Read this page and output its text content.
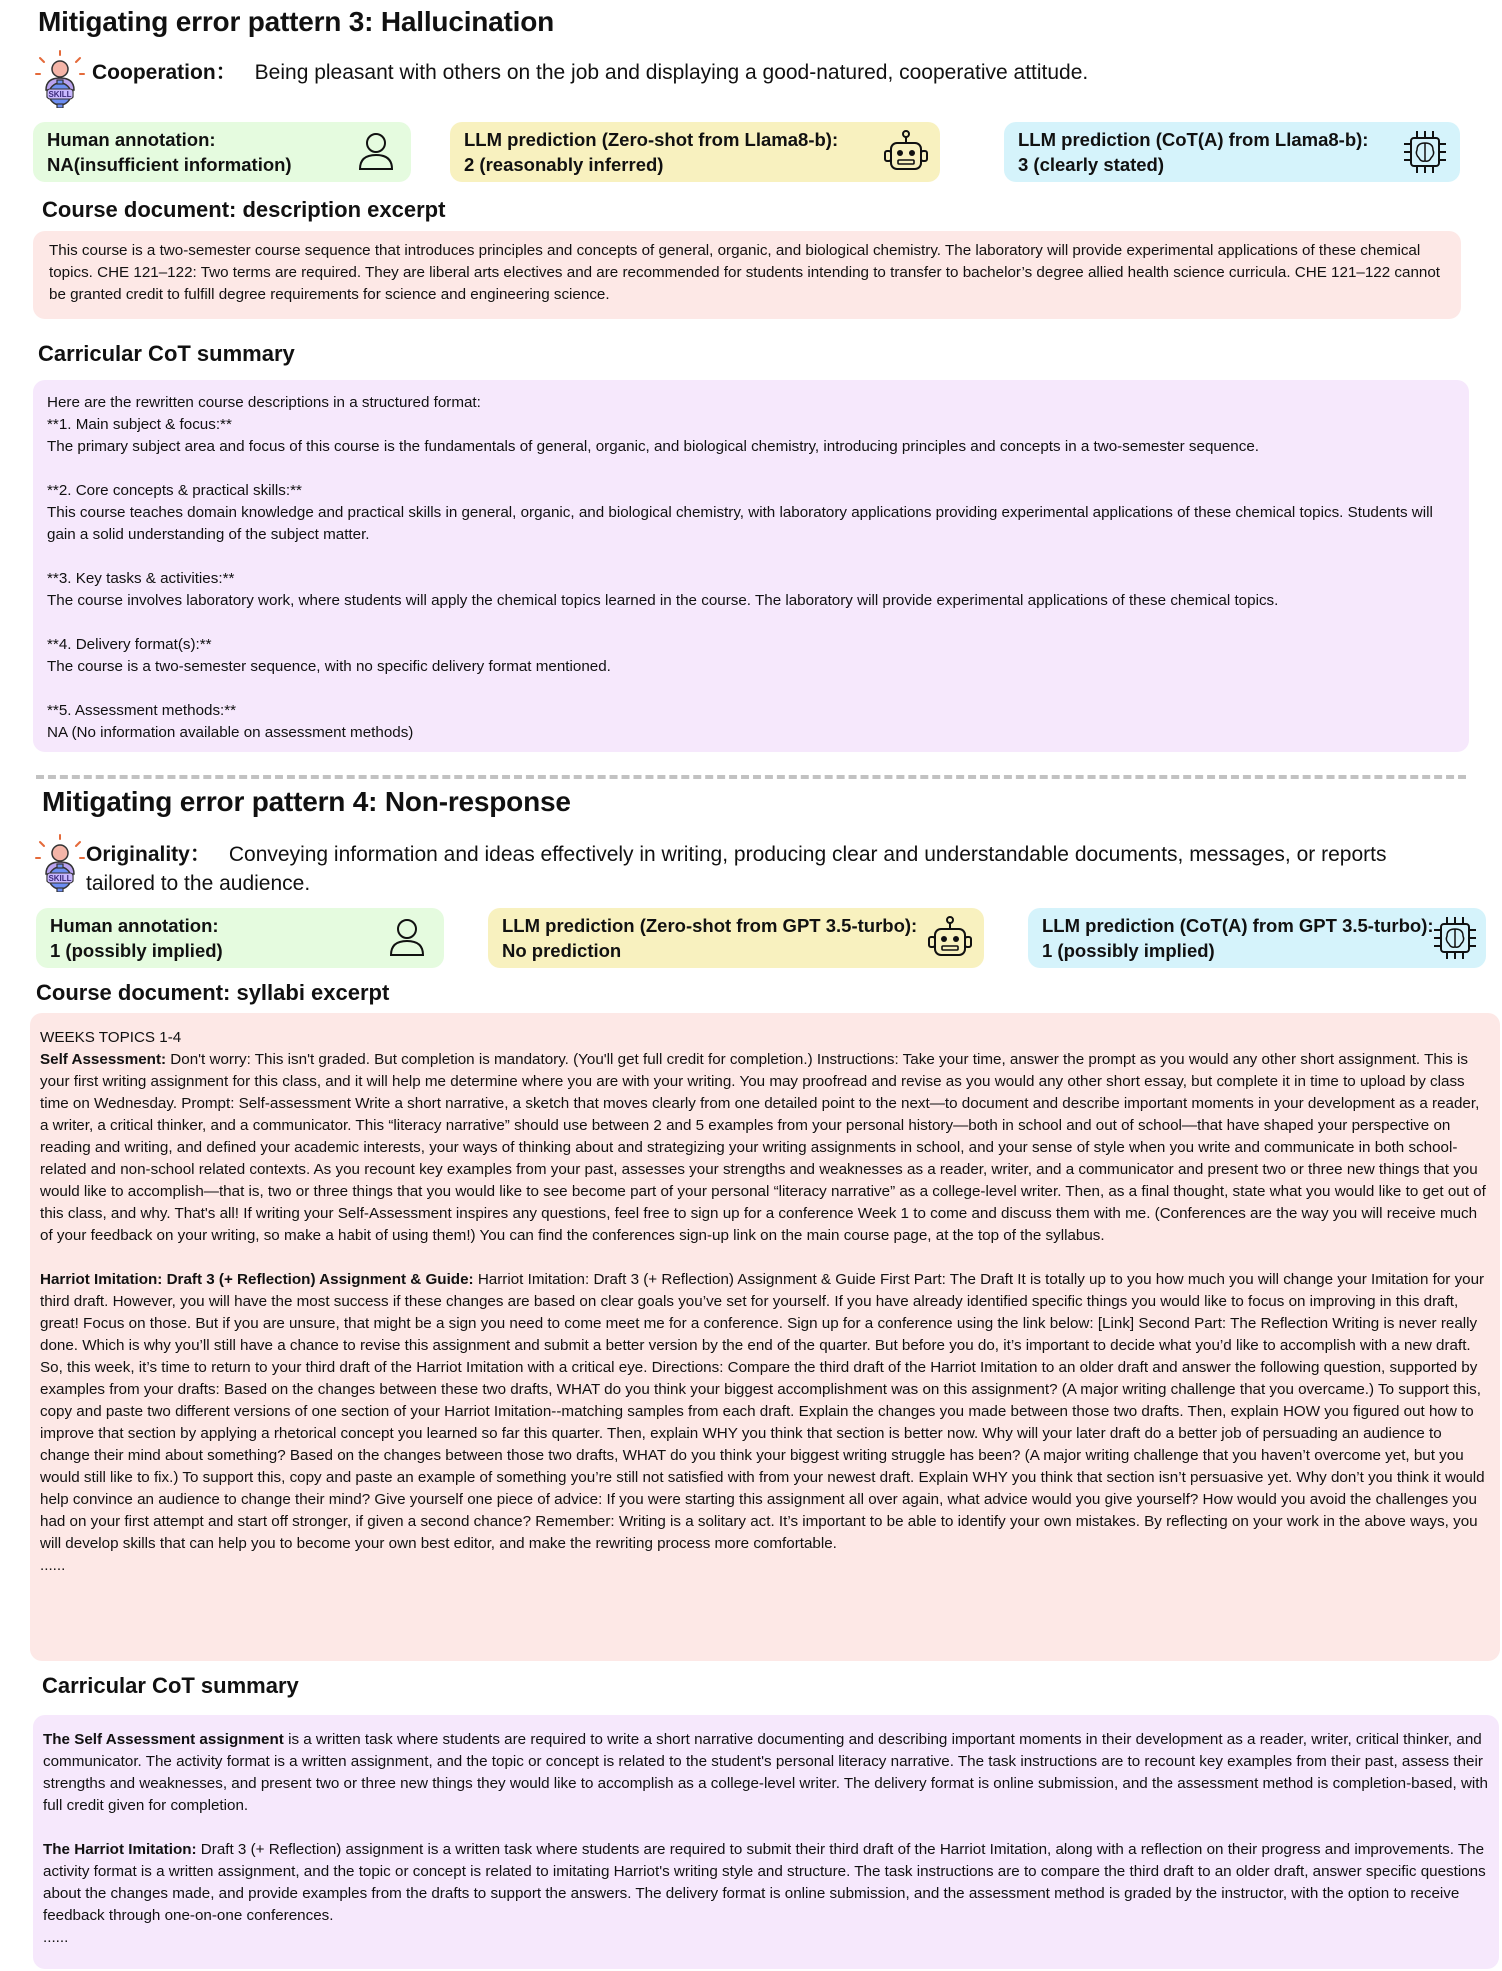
Mitigating error pattern 3: Hallucination
SKILL
Cooperation： Being pleasant with others on the job and displaying a good-natured, cooperative attitude.
Human annotation:
NA(insufficient information)
LLM prediction (Zero-shot from Llama8-b):
2 (reasonably inferred)
LLM prediction (CoT(A) from Llama8-b):
3 (clearly stated)
Course document: description excerpt

This course is a two-semester course sequence that introduces principles and concepts of general, organic, and biological chemistry. The laboratory will provide experimental applications of these chemical topics. CHE 121–122: Two terms are required. They are liberal arts electives and are recommended for students intending to transfer to bachelor’s degree allied health science curricula. CHE 121–122 cannot be granted credit to fulfill degree requirements for science and engineering science.

Carricular CoT summary

Here are the rewritten course descriptions in a structured format:

**1. Main subject & focus:**

The primary subject area and focus of this course is the fundamentals of general, organic, and biological chemistry, introducing principles and concepts in a two-semester sequence.

**2. Core concepts & practical skills:**

This course teaches domain knowledge and practical skills in general, organic, and biological chemistry, with laboratory applications providing experimental applications of these chemical topics. Students will gain a solid understanding of the subject matter.

**3. Key tasks & activities:**

The course involves laboratory work, where students will apply the chemical topics learned in the course. The laboratory will provide experimental applications of these chemical topics.

**4. Delivery format(s):**

The course is a two-semester sequence, with no specific delivery format mentioned.

**5. Assessment methods:**

NA (No information available on assessment methods)

Mitigating error pattern 4: Non-response
SKILL
Originality： Conveying information and ideas effectively in writing, producing clear and understandable documents, messages, or reports
tailored to the audience.
Human annotation:
1 (possibly implied)
LLM prediction (Zero-shot from GPT 3.5-turbo):
No prediction
LLM prediction (CoT(A) from GPT 3.5-turbo):
1 (possibly implied)
Course document: syllabi excerpt

WEEKS TOPICS 1-4

Self Assessment: Don't worry: This isn't graded. But completion is mandatory. (You'll get full credit for completion.) Instructions: Take your time, answer the prompt as you would any other short assignment. This is your first writing assignment for this class, and it will help me determine where you are with your writing. You may proofread and revise as you would any other short essay, but complete it in time to upload by class time on Wednesday. Prompt: Self-assessment Write a short narrative, a sketch that moves clearly from one detailed point to the next—to document and describe important moments in your development as a reader, a writer, a critical thinker, and a communicator. This “literacy narrative” should use between 2 and 5 examples from your personal history—both in school and out of school—that have shaped your perspective on reading and writing, and defined your academic interests, your ways of thinking about and strategizing your writing assignments in school, and your sense of style when you write and communicate in both school-related and non-school related contexts. As you recount key examples from your past, assesses your strengths and weaknesses as a reader, writer, and a communicator and present two or three new things that you would like to accomplish—that is, two or three things that you would like to see become part of your personal “literacy narrative” as a college-level writer. Then, as a final thought, state what you would like to get out of this class, and why. That's all! If writing your Self-Assessment inspires any questions, feel free to sign up for a conference Week 1 to come and discuss them with me. (Conferences are the way you will receive much of your feedback on your writing, so make a habit of using them!) You can find the conferences sign-up link on the main course page, at the top of the syllabus.

Harriot Imitation: Draft 3 (+ Reflection) Assignment & Guide: Harriot Imitation: Draft 3 (+ Reflection) Assignment & Guide First Part: The Draft It is totally up to you how much you will change your Imitation for your third draft. However, you will have the most success if these changes are based on clear goals you’ve set for yourself. If you have already identified specific things you would like to focus on improving in this draft, great! Focus on those. But if you are unsure, that might be a sign you need to come meet me for a conference. Sign up for a conference using the link below: [Link] Second Part: The Reflection Writing is never really done. Which is why you’ll still have a chance to revise this assignment and submit a better version by the end of the quarter. But before you do, it’s important to decide what you’d like to accomplish with a new draft. So, this week, it’s time to return to your third draft of the Harriot Imitation with a critical eye. Directions: Compare the third draft of the Harriot Imitation to an older draft and answer the following question, supported by examples from your drafts: Based on the changes between these two drafts, WHAT do you think your biggest accomplishment was on this assignment? (A major writing challenge that you overcame.) To support this, copy and paste two different versions of one section of your Harriot Imitation--matching samples from each draft. Explain the changes you made between those two drafts. Then, explain HOW you figured out how to improve that section by applying a rhetorical concept you learned so far this quarter. Then, explain WHY you think that section is better now. Why will your later draft do a better job of persuading an audience to change their mind about something? Based on the changes between those two drafts, WHAT do you think your biggest writing struggle has been? (A major writing challenge that you haven’t overcome yet, but you would still like to fix.) To support this, copy and paste an example of something you’re still not satisfied with from your newest draft. Explain WHY you think that section isn’t persuasive yet. Why don’t you think it would help convince an audience to change their mind? Give yourself one piece of advice: If you were starting this assignment all over again, what advice would you give yourself? How would you avoid the challenges you had on your first attempt and start off stronger, if given a second chance? Remember: Writing is a solitary act. It’s important to be able to identify your own mistakes. By reflecting on your work in the above ways, you will develop skills that can help you to become your own best editor, and make the rewriting process more comfortable.

......

Carricular CoT summary

The Self Assessment assignment is a written task where students are required to write a short narrative documenting and describing important moments in their development as a reader, writer, critical thinker, and communicator. The activity format is a written assignment, and the topic or concept is related to the student's personal literacy narrative. The task instructions are to recount key examples from their past, assess their strengths and weaknesses, and present two or three new things they would like to accomplish as a college-level writer. The delivery format is online submission, and the assessment method is completion-based, with full credit given for completion.

The Harriot Imitation: Draft 3 (+ Reflection) assignment is a written task where students are required to submit their third draft of the Harriot Imitation, along with a reflection on their progress and improvements. The activity format is a written assignment, and the topic or concept is related to imitating Harriot's writing style and structure. The task instructions are to compare the third draft to an older draft, answer specific questions about the changes made, and provide examples from the drafts to support the answers. The delivery format is online submission, and the assessment method is graded by the instructor, with the option to receive feedback through one-on-one conferences.

......
